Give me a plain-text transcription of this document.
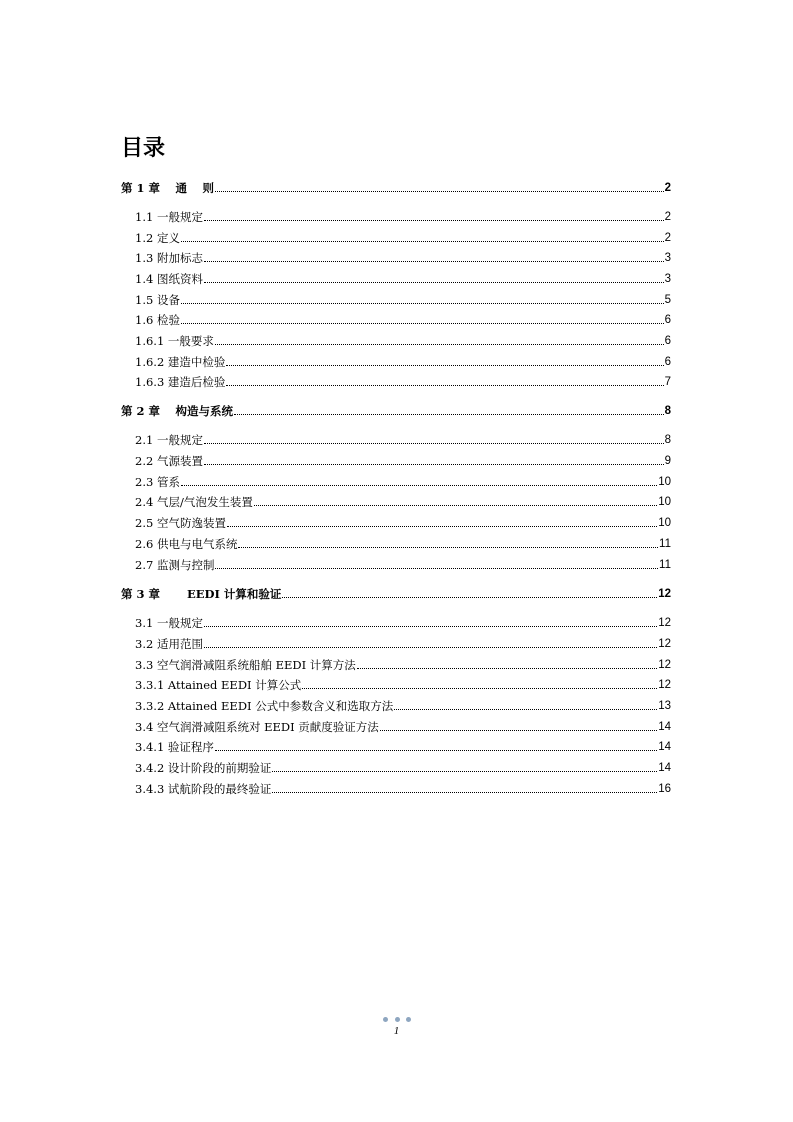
目录
第 1 章　 通　 则	2
1.1 一般规定	2
1.2 定义	2
1.3 附加标志	3
1.4 图纸资料	3
1.5 设备	5
1.6 检验	6
1.6.1 一般要求	6
1.6.2 建造中检验	6
1.6.3 建造后检验	7
第 2 章　 构造与系统	8
2.1 一般规定	8
2.2 气源装置	9
2.3 管系	10
2.4 气层/气泡发生装置	10
2.5 空气防逸装置	10
2.6 供电与电气系统	11
2.7 监测与控制	11
第 3 章　　 EEDI 计算和验证	12
3.1 一般规定	12
3.2 适用范围	12
3.3 空气润滑减阻系统船舶 EEDI 计算方法	12
3.3.1 Attained EEDI 计算公式	12
3.3.2 Attained EEDI 公式中参数含义和选取方法	13
3.4 空气润滑减阻系统对 EEDI 贡献度验证方法	14
3.4.1 验证程序	14
3.4.2 设计阶段的前期验证	14
3.4.3 试航阶段的最终验证	16
1
